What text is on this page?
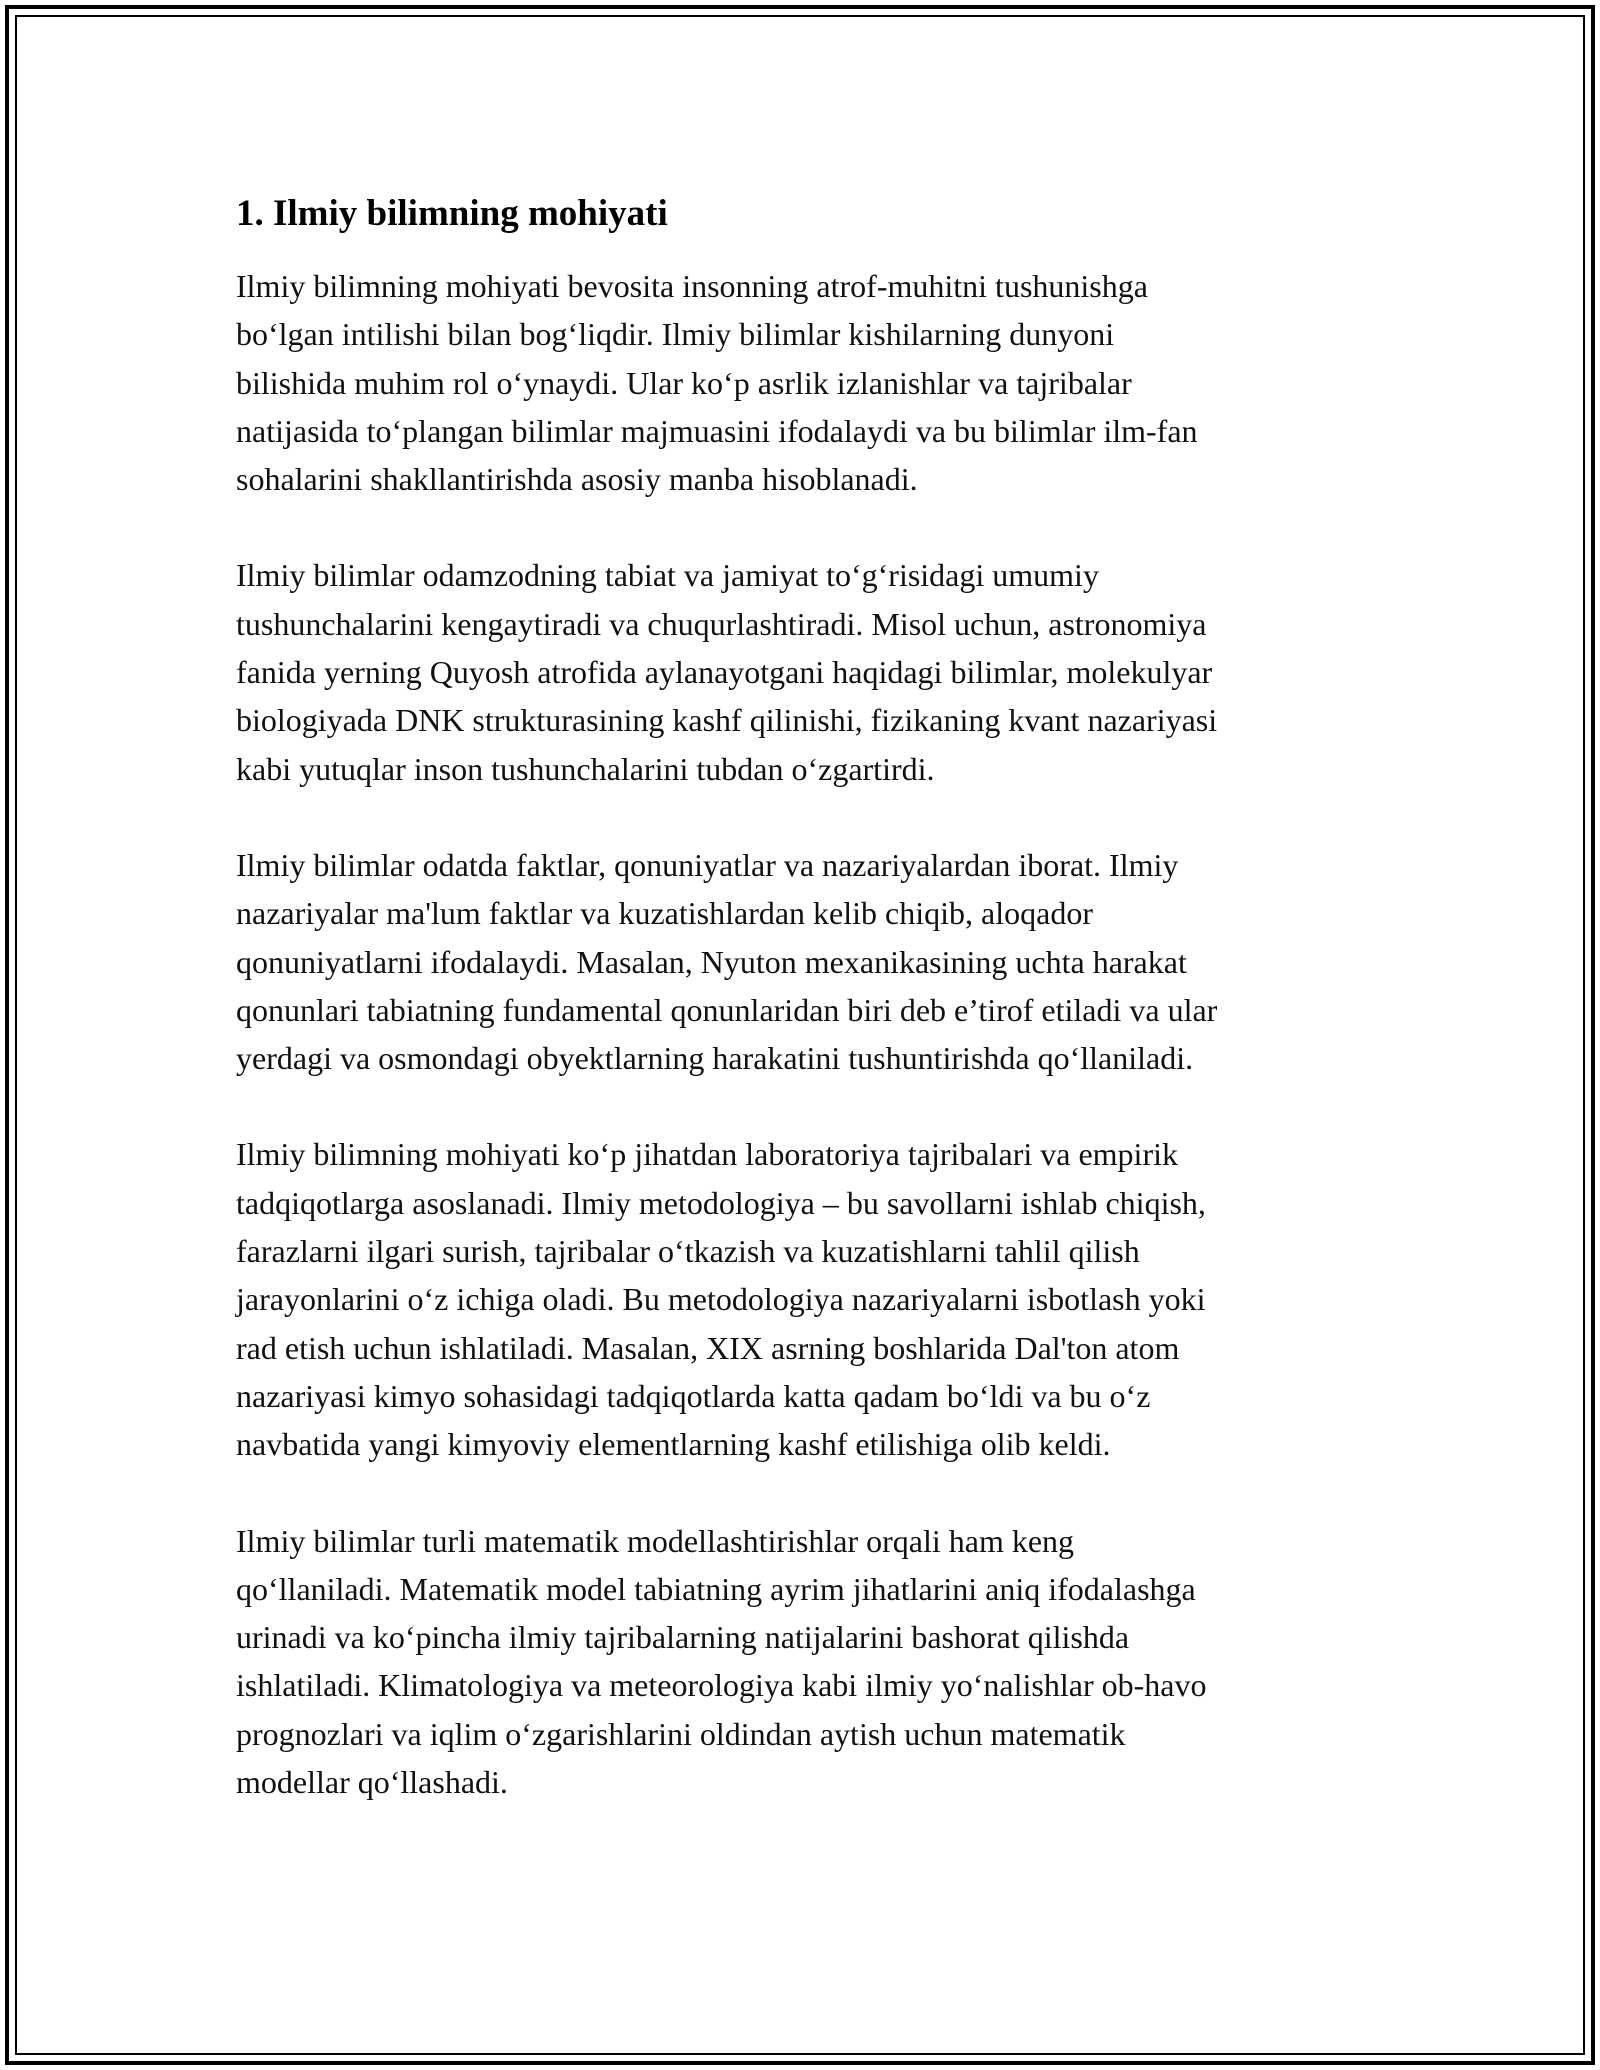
1. Ilmiy bilimning mohiyati

Ilmiy bilimning mohiyati bevosita insonning atrof-muhitni tushunishga
bo‘lgan intilishi bilan bog‘liqdir. Ilmiy bilimlar kishilarning dunyoni
bilishida muhim rol o‘ynaydi. Ular ko‘p asrlik izlanishlar va tajribalar
natijasida to‘plangan bilimlar majmuasini ifodalaydi va bu bilimlar ilm-fan
sohalarini shakllantirishda asosiy manba hisoblanadi.

Ilmiy bilimlar odamzodning tabiat va jamiyat to‘g‘risidagi umumiy
tushunchalarini kengaytiradi va chuqurlashtiradi. Misol uchun, astronomiya
fanida yerning Quyosh atrofida aylanayotgani haqidagi bilimlar, molekulyar
biologiyada DNK strukturasining kashf qilinishi, fizikaning kvant nazariyasi
kabi yutuqlar inson tushunchalarini tubdan o‘zgartirdi.

Ilmiy bilimlar odatda faktlar, qonuniyatlar va nazariyalardan iborat. Ilmiy
nazariyalar ma'lum faktlar va kuzatishlardan kelib chiqib, aloqador
qonuniyatlarni ifodalaydi. Masalan, Nyuton mexanikasining uchta harakat
qonunlari tabiatning fundamental qonunlaridan biri deb e’tirof etiladi va ular
yerdagi va osmondagi obyektlarning harakatini tushuntirishda qo‘llaniladi.

Ilmiy bilimning mohiyati ko‘p jihatdan laboratoriya tajribalari va empirik
tadqiqotlarga asoslanadi. Ilmiy metodologiya – bu savollarni ishlab chiqish,
farazlarni ilgari surish, tajribalar o‘tkazish va kuzatishlarni tahlil qilish
jarayonlarini o‘z ichiga oladi. Bu metodologiya nazariyalarni isbotlash yoki
rad etish uchun ishlatiladi. Masalan, XIX asrning boshlarida Dal'ton atom
nazariyasi kimyo sohasidagi tadqiqotlarda katta qadam bo‘ldi va bu o‘z
navbatida yangi kimyoviy elementlarning kashf etilishiga olib keldi.

Ilmiy bilimlar turli matematik modellashtirishlar orqali ham keng
qo‘llaniladi. Matematik model tabiatning ayrim jihatlarini aniq ifodalashga
urinadi va ko‘pincha ilmiy tajribalarning natijalarini bashorat qilishda
ishlatiladi. Klimatologiya va meteorologiya kabi ilmiy yo‘nalishlar ob-havo
prognozlari va iqlim o‘zgarishlarini oldindan aytish uchun matematik
modellar qo‘llashadi.
